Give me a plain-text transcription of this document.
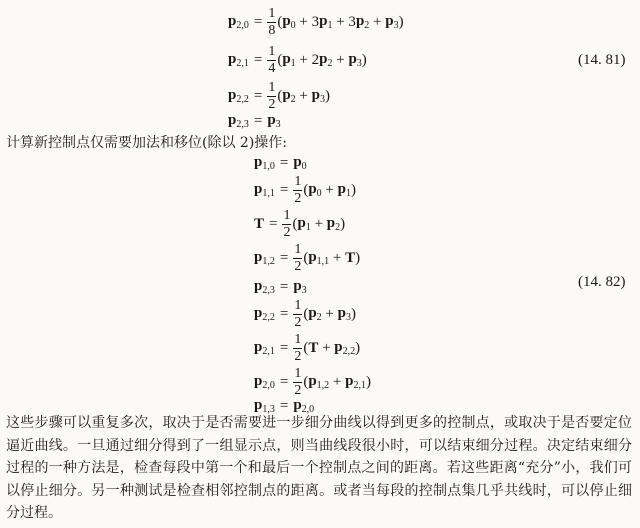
$p_{2,0} = \frac{1}{8}$ ( $p_0 + 3$ $p_1 + 3$ $p_2 + p_3$ )
$p_{2,1} = \frac{1}{4}$ ( $p_1 + 2$ $p_2 + p_3$ )
$p_{2,2} = \frac{1}{2}$ ( $p_2 + p_3$ )
$p_{2,3} = p_3$
(14. 81)
计算新控制点仅需要加法和移位(除以 2)操作:
$p_{1,0} = p_0$
$p_{1,1} = \frac{1}{2}$ ( $p_0 + p_1$ )
$T = \frac{1}{2}$ ( $p_1 + p_2$ )
$p_{1,2} = \frac{1}{2}$ ( $p_{1,1} + T$ )
$p_{2,3} = p_3$
$p_{2,2} = \frac{1}{2}$ ( $p_2 + p_3$ )
$p_{2,1} = \frac{1}{2}$ ( $T + p_{2,2}$ )
$p_{2,0} = \frac{1}{2}$ ( $p_{1,2} + p_{2,1}$ )
$p_{1,3} = p_{2,0}$
(14. 82)
这些步骤可以重复多次，取决于是否需要进一步细分曲线以得到更多的控制点，或取决于是否要定位逼近曲线。一旦通过细分得到了一组显示点，则当曲线段很小时，可以结束细分过程。决定结束细分过程的一种方法是，检查每段中第一个和最后一个控制点之间的距离。若这些距离“充分”小，我们可以停止细分。另一种测试是检查相邻控制点的距离。或者当每段的控制点集几乎共线时，可以停止细分过程。
